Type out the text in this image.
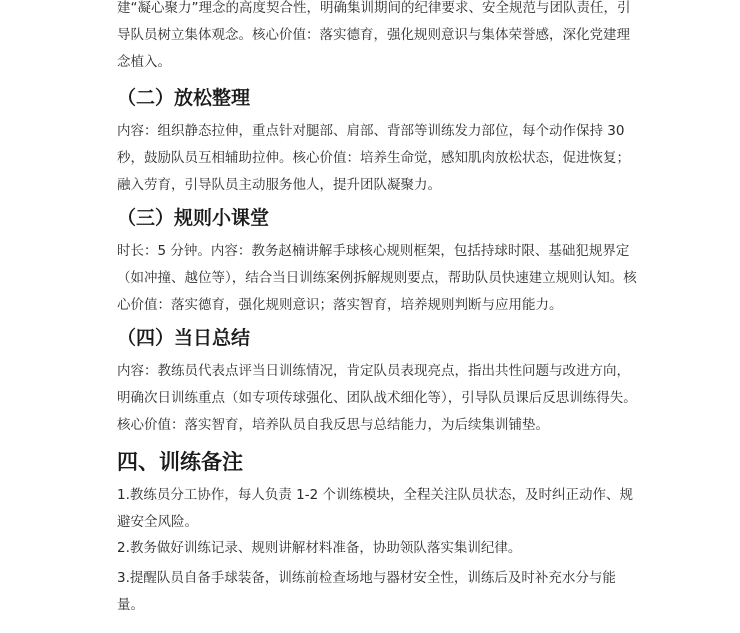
建“凝心聚力”理念的高度契合性，明确集训期间的纪律要求、安全规范与团队责任，引导队员树立集体观念。核心价值：落实德育，强化规则意识与集体荣誉感，深化党建理念植入。

（二）放松整理

内容：组织静态拉伸，重点针对腿部、肩部、背部等训练发力部位，每个动作保持 30 秒，鼓励队员互相辅助拉伸。核心价值：培养生命觉，感知肌肉放松状态，促进恢复；融入劳育，引导队员主动服务他人，提升团队凝聚力。

（三）规则小课堂

时长：5 分钟。内容：教务赵楠讲解手球核心规则框架，包括持球时限、基础犯规界定（如冲撞、越位等），结合当日训练案例拆解规则要点，帮助队员快速建立规则认知。核心价值：落实德育，强化规则意识；落实智育，培养规则判断与应用能力。

（四）当日总结

内容：教练员代表点评当日训练情况，肯定队员表现亮点，指出共性问题与改进方向，明确次日训练重点（如专项传球强化、团队战术细化等），引导队员课后反思训练得失。核心价值：落实智育，培养队员自我反思与总结能力，为后续集训铺垫。

四、训练备注

1.教练员分工协作，每人负责 1-2 个训练模块，全程关注队员状态，及时纠正动作、规避安全风险。

2.教务做好训练记录、规则讲解材料准备，协助领队落实集训纪律。

3.提醒队员自备手球装备，训练前检查场地与器材安全性，训练后及时补充水分与能量。
